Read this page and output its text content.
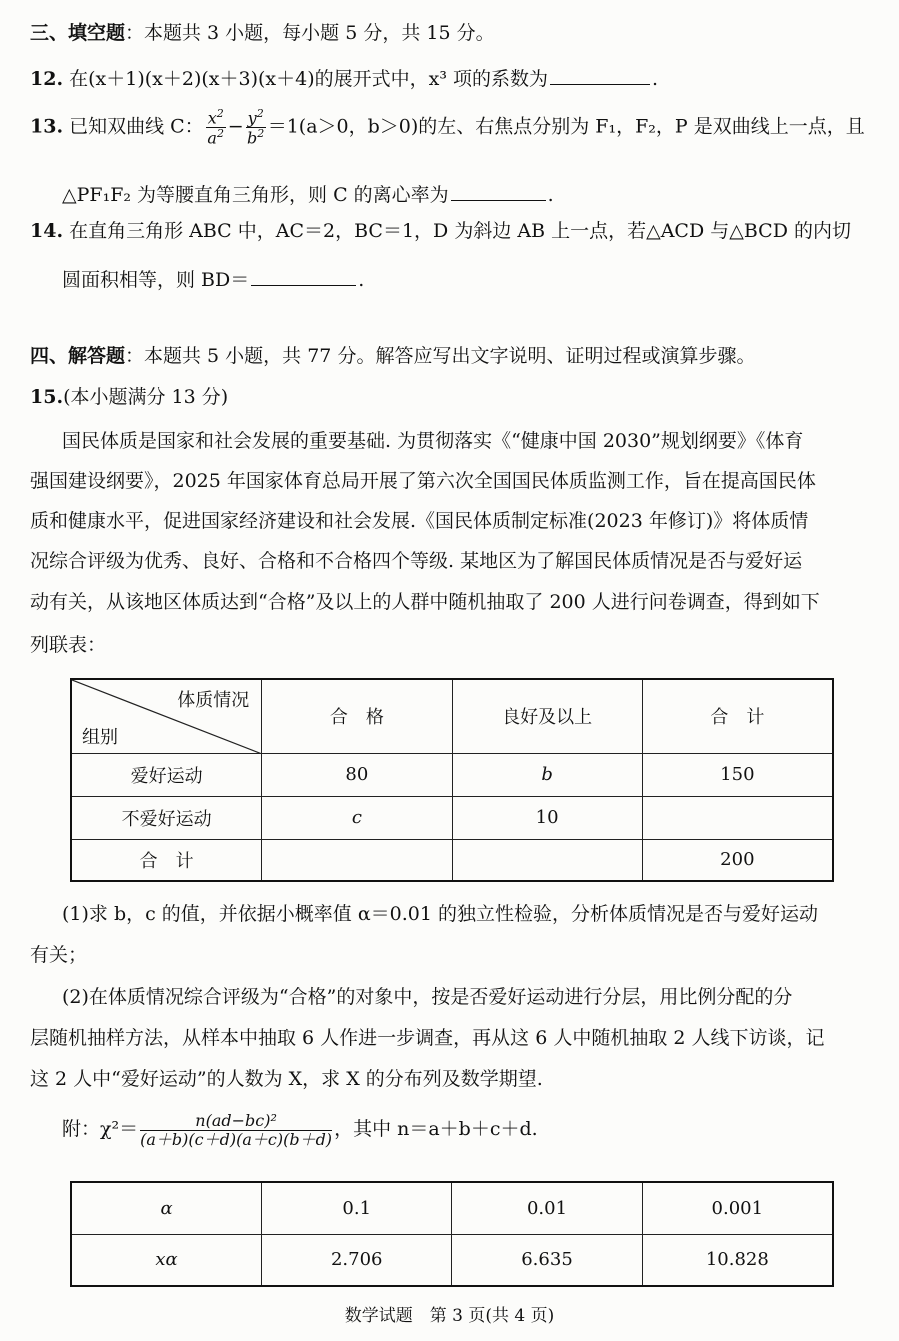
三、填空题：本题共 3 小题，每小题 5 分，共 15 分。
12. 在(x＋1)(x＋2)(x＋3)(x＋4)的展开式中，x³ 项的系数为	.
13. 已知双曲线 C： $\frac{x^2}{a^2} - \frac{y^2}{b^2} =1(a>0$，b＞0)的左、右焦点分别为 F₁，F₂，P 是双曲线上一点，且
△PF₁F₂ 为等腰直角三角形，则 C 的离心率为	.
14. 在直角三角形 ABC 中，AC＝2，BC＝1，D 为斜边 AB 上一点，若△ACD 与△BCD 的内切
圆面积相等，则 BD＝	.
四、解答题：本题共 5 小题，共 77 分。解答应写出文字说明、证明过程或演算步骤。
15.(本小题满分 13 分)
国民体质是国家和社会发展的重要基础. 为贯彻落实《“健康中国 2030”规划纲要》《体育
强国建设纲要》，2025 年国家体育总局开展了第六次全国国民体质监测工作，旨在提高国民体
质和健康水平，促进国家经济建设和社会发展.《国民体质制定标准(2023 年修订)》将体质情
况综合评级为优秀、良好、合格和不合格四个等级. 某地区为了解国民体质情况是否与爱好运
动有关，从该地区体质达到“合格”及以上的人群中随机抽取了 200 人进行问卷调查，得到如下
列联表：
体质情况
组别	合　格	良好及以上	合　计
爱好运动	80	b	150
不爱好运动	c	10	
合　计			200
(1)求 b，c 的值，并依据小概率值 α＝0.01 的独立性检验，分析体质情况是否与爱好运动
有关；
(2)在体质情况综合评级为“合格”的对象中，按是否爱好运动进行分层，用比例分配的分
层随机抽样方法，从样本中抽取 6 人作进一步调查，再从这 6 人中随机抽取 2 人线下访谈，记
这 2 人中“爱好运动”的人数为 X，求 X 的分布列及数学期望.
附：$\chi^2= \frac{\text{n(ad−bc)²}}{(a+b)(c+d)(a+c)(b+d)}$ ，其中 n＝a＋b＋c＋d.
α	0.1	0.01	0.001
xα	2.706	6.635	10.828
数学试题　第 3 页(共 4 页)
